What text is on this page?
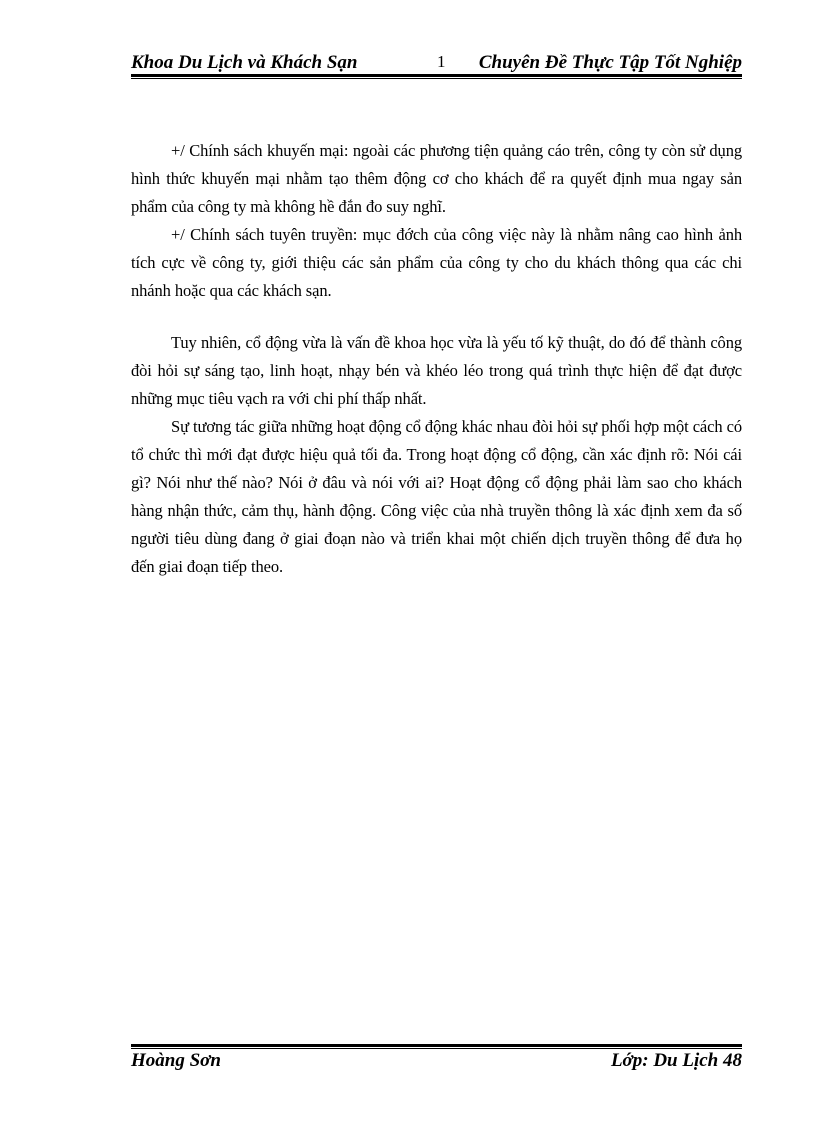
Khoa Du Lịch và Khách Sạn	1 Chuyên Đề Thực Tập Tốt Nghiệp

+/ Chính sách khuyến mại: ngoài các phương tiện quảng cáo trên, công ty còn sử dụng hình thức khuyến mại nhằm tạo thêm động cơ cho khách để ra quyết định mua ngay sản phẩm của công ty mà không hề đắn đo suy nghĩ.

+/ Chính sách tuyên truyền: mục đớch của công việc này là nhằm nâng cao hình ảnh tích cực về công ty, giới thiệu các sản phẩm của công ty cho du khách thông qua các chi nhánh hoặc qua các khách sạn.

Tuy nhiên, cổ động vừa là vấn đề khoa học vừa là yếu tố kỹ thuật, do đó để thành công đòi hỏi sự sáng tạo, linh hoạt, nhạy bén và khéo léo trong quá trình thực hiện để đạt được những mục tiêu vạch ra với chi phí thấp nhất.

Sự tương tác giữa những hoạt động cổ động khác nhau đòi hỏi sự phối hợp một cách có tổ chức thì mới đạt được hiệu quả tối đa. Trong hoạt động cổ động, cần xác định rõ: Nói cái gì? Nói như thế nào? Nói ở đâu và nói với ai? Hoạt động cổ động phải làm sao cho khách hàng nhận thức, cảm thụ, hành động. Công việc của nhà truyền thông là xác định xem đa số người tiêu dùng đang ở giai đoạn nào và triển khai một chiến dịch truyền thông để đưa họ đến giai đoạn tiếp theo.

Hoàng Sơn	Lớp: Du Lịch 48
